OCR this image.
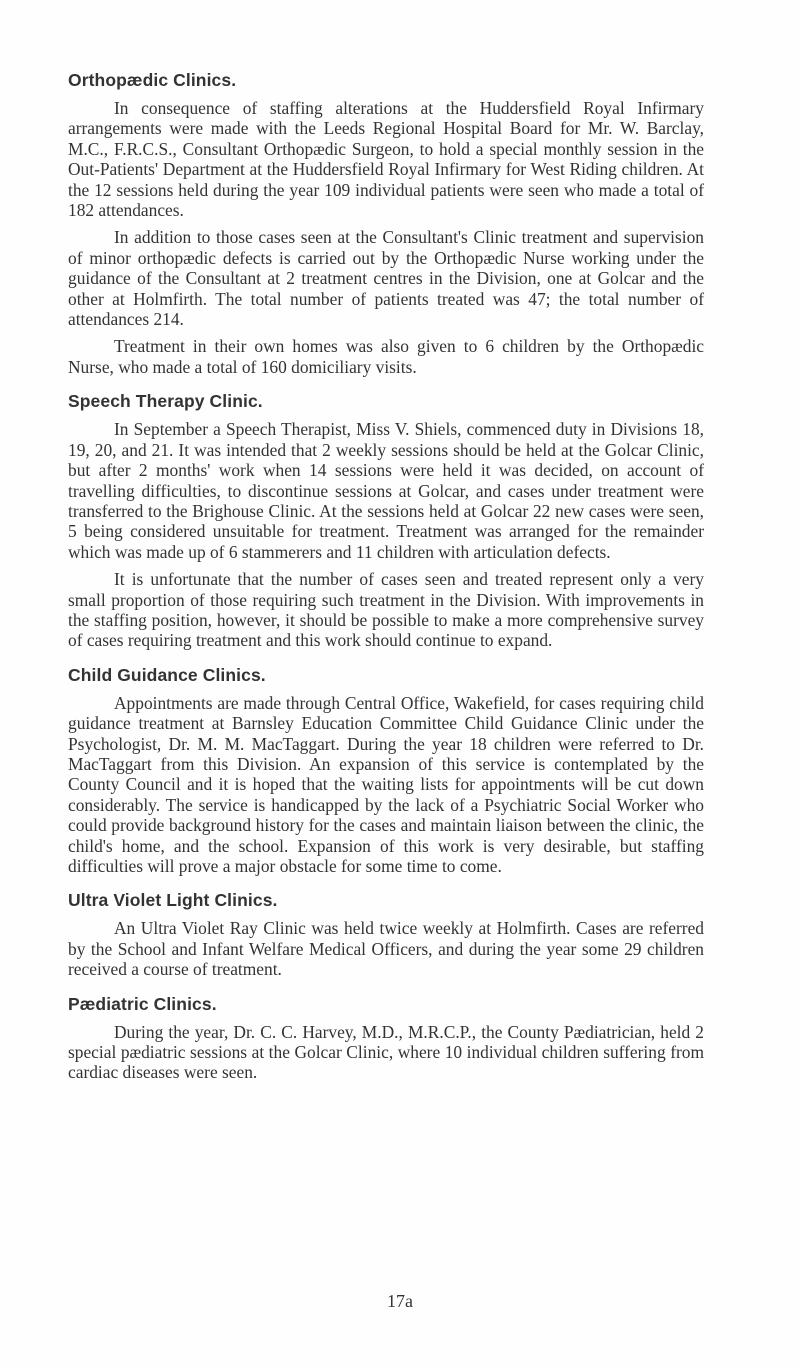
Orthopædic Clinics.

In consequence of staffing alterations at the Huddersfield Royal Infirmary arrangements were made with the Leeds Regional Hospital Board for Mr. W. Barclay, M.C., F.R.C.S., Consultant Orthopædic Surgeon, to hold a special monthly session in the Out-Patients' Department at the Huddersfield Royal Infirmary for West Riding children. At the 12 sessions held during the year 109 individual patients were seen who made a total of 182 attendances.

In addition to those cases seen at the Consultant's Clinic treatment and supervision of minor orthopædic defects is carried out by the Orthopædic Nurse working under the guidance of the Consultant at 2 treatment centres in the Division, one at Golcar and the other at Holmfirth. The total number of patients treated was 47; the total number of attendances 214.

Treatment in their own homes was also given to 6 children by the Orthopædic Nurse, who made a total of 160 domiciliary visits.

Speech Therapy Clinic.

In September a Speech Therapist, Miss V. Shiels, commenced duty in Divisions 18, 19, 20, and 21. It was intended that 2 weekly sessions should be held at the Golcar Clinic, but after 2 months' work when 14 sessions were held it was decided, on account of travelling difficulties, to discontinue sessions at Golcar, and cases under treatment were transferred to the Brighouse Clinic. At the sessions held at Golcar 22 new cases were seen, 5 being considered unsuitable for treatment. Treatment was arranged for the remainder which was made up of 6 stammerers and 11 children with articulation defects.

It is unfortunate that the number of cases seen and treated represent only a very small proportion of those requiring such treatment in the Division. With improvements in the staffing position, however, it should be possible to make a more comprehensive survey of cases requiring treatment and this work should continue to expand.

Child Guidance Clinics.

Appointments are made through Central Office, Wakefield, for cases requiring child guidance treatment at Barnsley Education Committee Child Guidance Clinic under the Psychologist, Dr. M. M. MacTaggart. During the year 18 children were referred to Dr. MacTaggart from this Division. An expansion of this service is contemplated by the County Council and it is hoped that the waiting lists for appointments will be cut down considerably. The service is handicapped by the lack of a Psychiatric Social Worker who could provide background history for the cases and maintain liaison between the clinic, the child's home, and the school. Expansion of this work is very desirable, but staffing difficulties will prove a major obstacle for some time to come.

Ultra Violet Light Clinics.

An Ultra Violet Ray Clinic was held twice weekly at Holmfirth. Cases are referred by the School and Infant Welfare Medical Officers, and during the year some 29 children received a course of treatment.

Pædiatric Clinics.

During the year, Dr. C. C. Harvey, M.D., M.R.C.P., the County Pædiatrician, held 2 special pædiatric sessions at the Golcar Clinic, where 10 individual children suffering from cardiac diseases were seen.

17a
